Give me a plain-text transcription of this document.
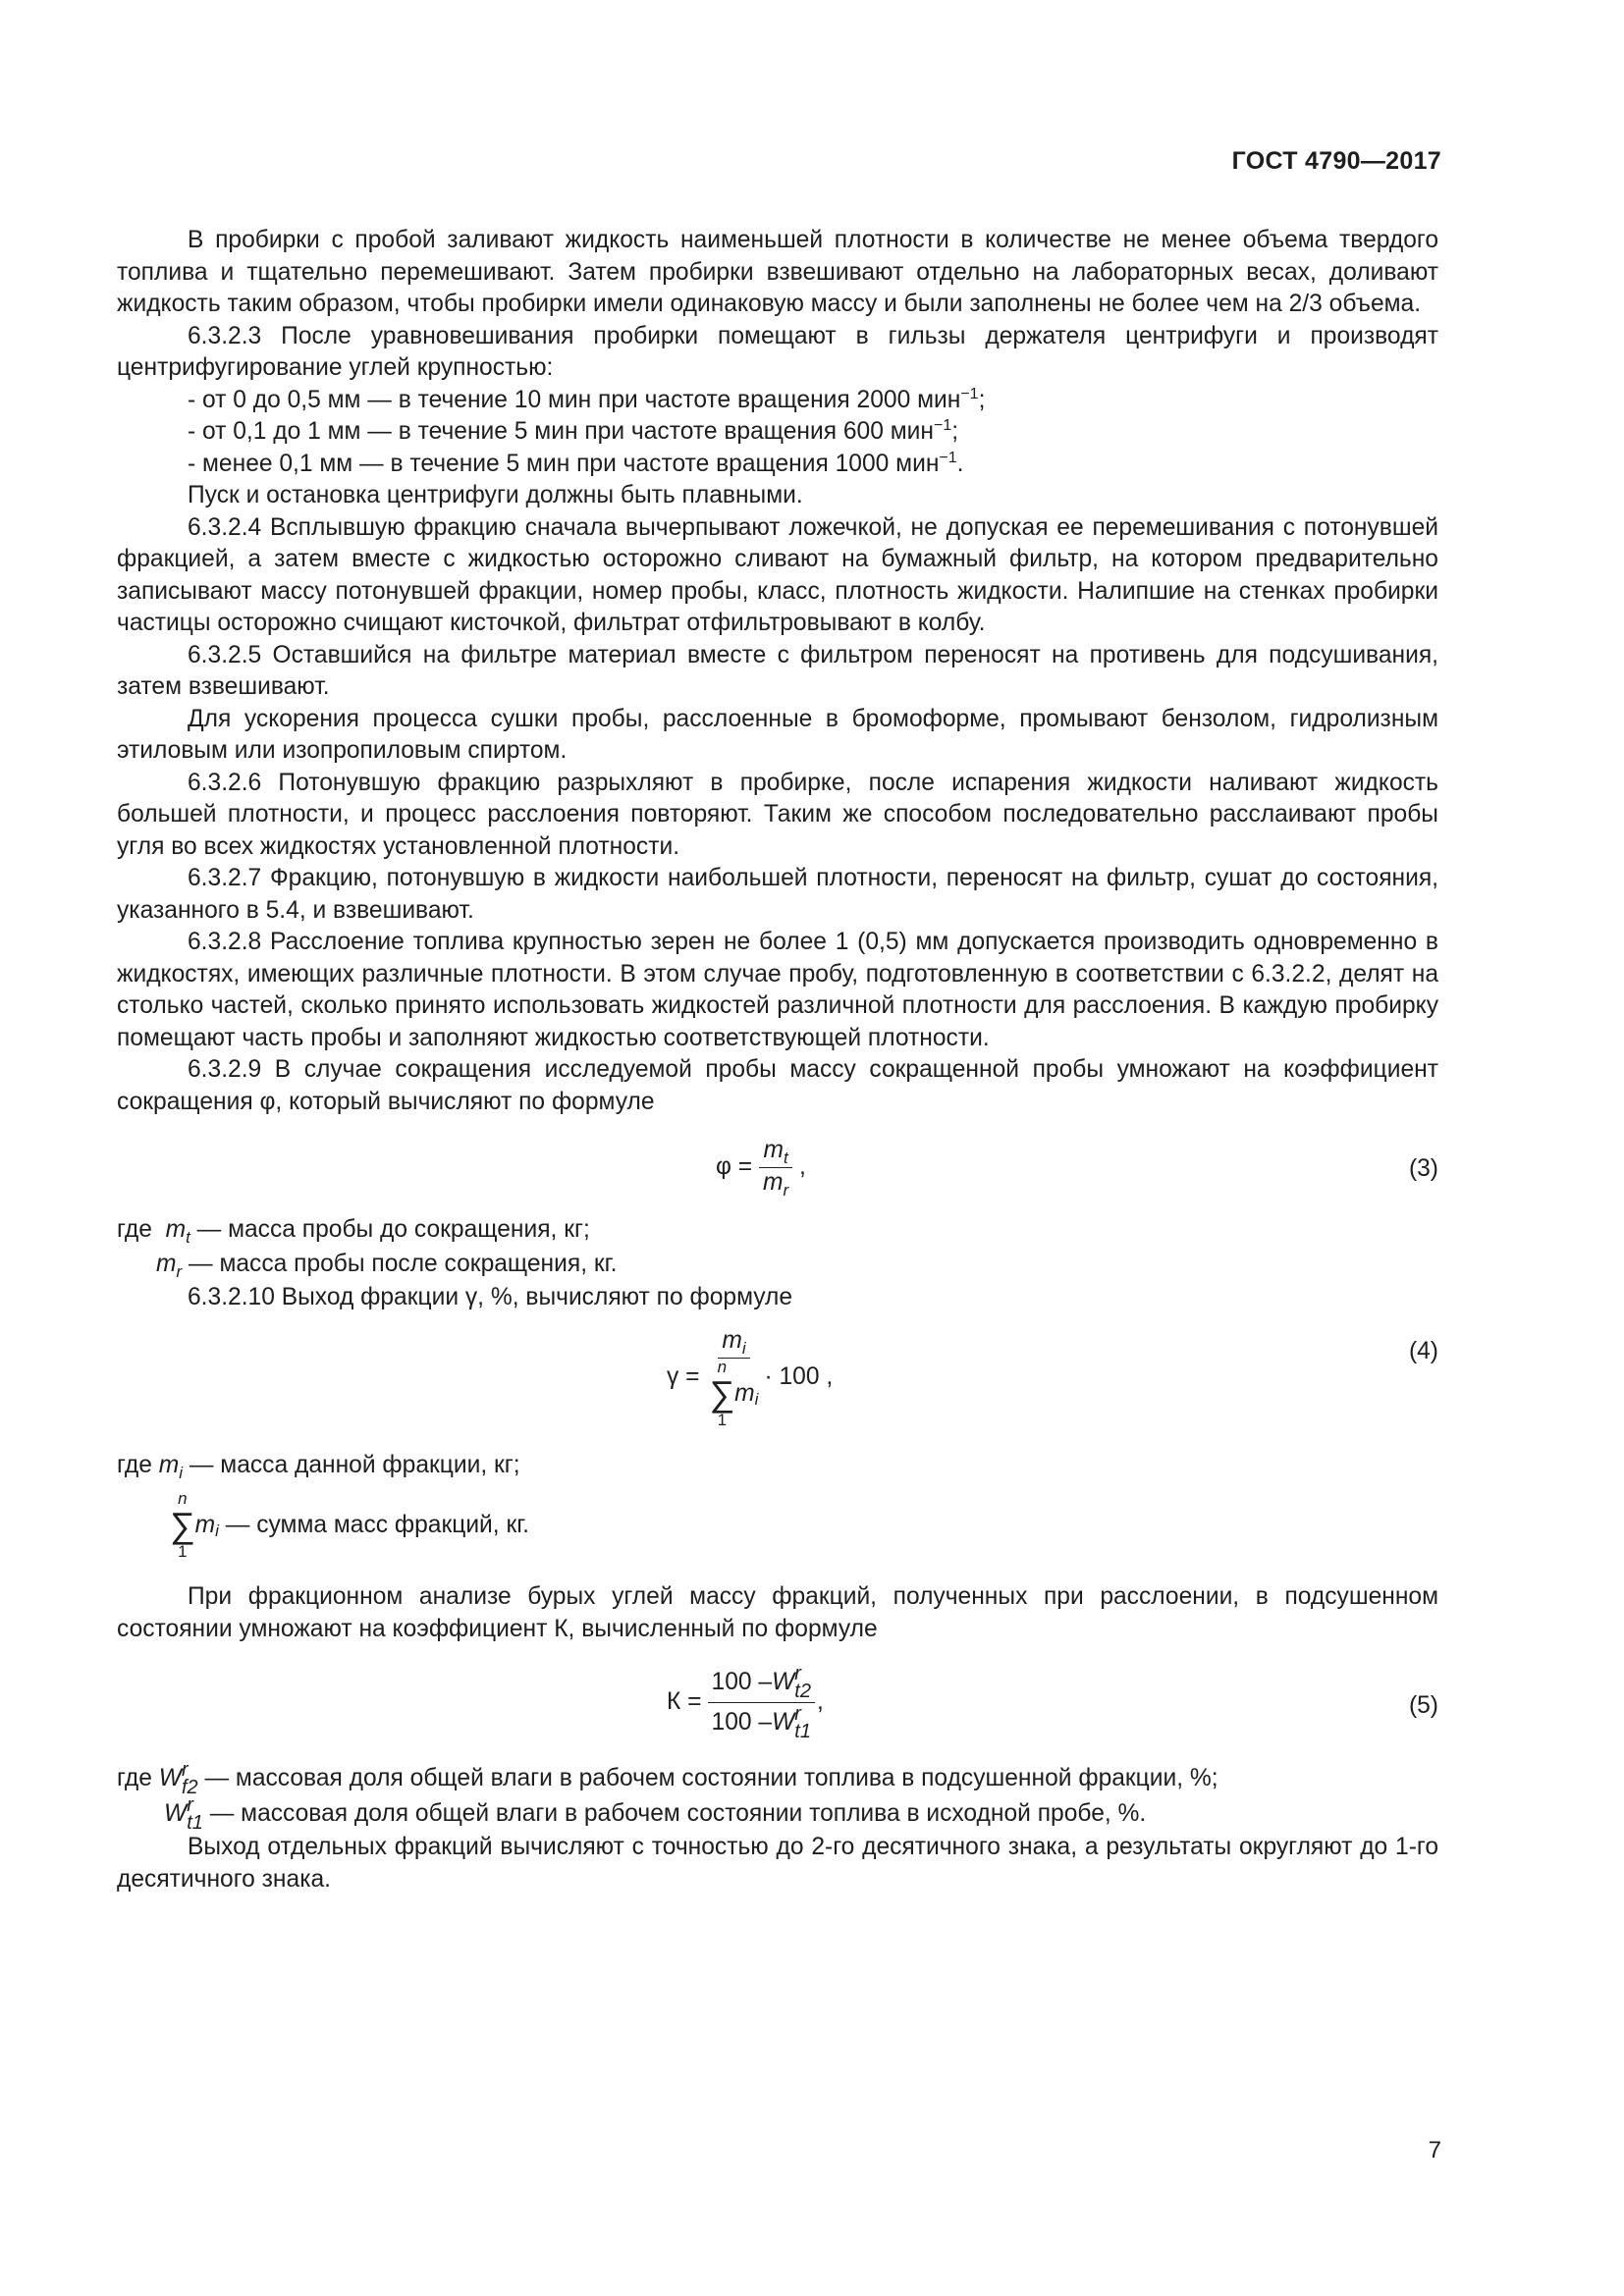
ГОСТ 4790—2017

В пробирки с пробой заливают жидкость наименьшей плотности в количестве не менее объема твердого топлива и тщательно перемешивают. Затем пробирки взвешивают отдельно на лабораторных весах, доливают жидкость таким образом, чтобы пробирки имели одинаковую массу и были заполнены не более чем на 2/3 объема.

6.3.2.3 После уравновешивания пробирки помещают в гильзы держателя центрифуги и производят центрифугирование углей крупностью:

- от 0 до 0,5 мм — в течение 10 мин при частоте вращения 2000 мин$^{-1}$;

- от 0,1 до 1 мм — в течение 5 мин при частоте вращения 600 мин$^{-1}$;

- менее 0,1 мм — в течение 5 мин при частоте вращения 1000 мин$^{-1}$.

Пуск и остановка центрифуги должны быть плавными.

6.3.2.4 Всплывшую фракцию сначала вычерпывают ложечкой, не допуская ее перемешивания с потонувшей фракцией, а затем вместе с жидкостью осторожно сливают на бумажный фильтр, на котором предварительно записывают массу потонувшей фракции, номер пробы, класс, плотность жидкости. Налипшие на стенках пробирки частицы осторожно счищают кисточкой, фильтрат отфильтровывают в колбу.

6.3.2.5 Оставшийся на фильтре материал вместе с фильтром переносят на противень для подсушивания, затем взвешивают.

Для ускорения процесса сушки пробы, расслоенные в бромоформе, промывают бензолом, гидролизным этиловым или изопропиловым спиртом.

6.3.2.6 Потонувшую фракцию разрыхляют в пробирке, после испарения жидкости наливают жидкость большей плотности, и процесс расслоения повторяют. Таким же способом последовательно расслаивают пробы угля во всех жидкостях установленной плотности.

6.3.2.7 Фракцию, потонувшую в жидкости наибольшей плотности, переносят на фильтр, сушат до состояния, указанного в 5.4, и взвешивают.

6.3.2.8 Расслоение топлива крупностью зерен не более 1 (0,5) мм допускается производить одновременно в жидкостях, имеющих различные плотности. В этом случае пробу, подготовленную в соответствии с 6.3.2.2, делят на столько частей, сколько принято использовать жидкостей различной плотности для расслоения. В каждую пробирку помещают часть пробы и заполняют жидкостью соответствующей плотности.

6.3.2.9 В случае сокращения исследуемой пробы массу сокращенной пробы умножают на коэффициент сокращения φ, который вычисляют по формуле

$\varphi = \frac{m_t}{m_r}$ ,	(3)

где $m_t$ — масса пробы до сокращения, кг;

$m_r$ — масса пробы после сокращения, кг.

6.3.2.10 Выход фракции γ, %, вычисляют по формуле

γ =
$m_i$
n
∑
1
m i
· 100
,
(4)

где $m_i$ — масса данной фракции, кг;

n
∑
1
m i
— сумма масс фракций, кг.

При фракционном анализе бурых углей массу фракций, полученных при расслоении, в подсушенном состоянии умножают на коэффициент К, вычисленный по формуле

К = 100 – W r
t2
100 – W r
t1 ,	(5)

где
W r
f2
— массовая доля общей влаги в рабочем состоянии топлива в подсушенной фракции, %;

W r
t1
— массовая доля общей влаги в рабочем состоянии топлива в исходной пробе, %.

Выход отдельных фракций вычисляют с точностью до 2-го десятичного знака, а результаты округляют до 1-го десятичного знака.

7
